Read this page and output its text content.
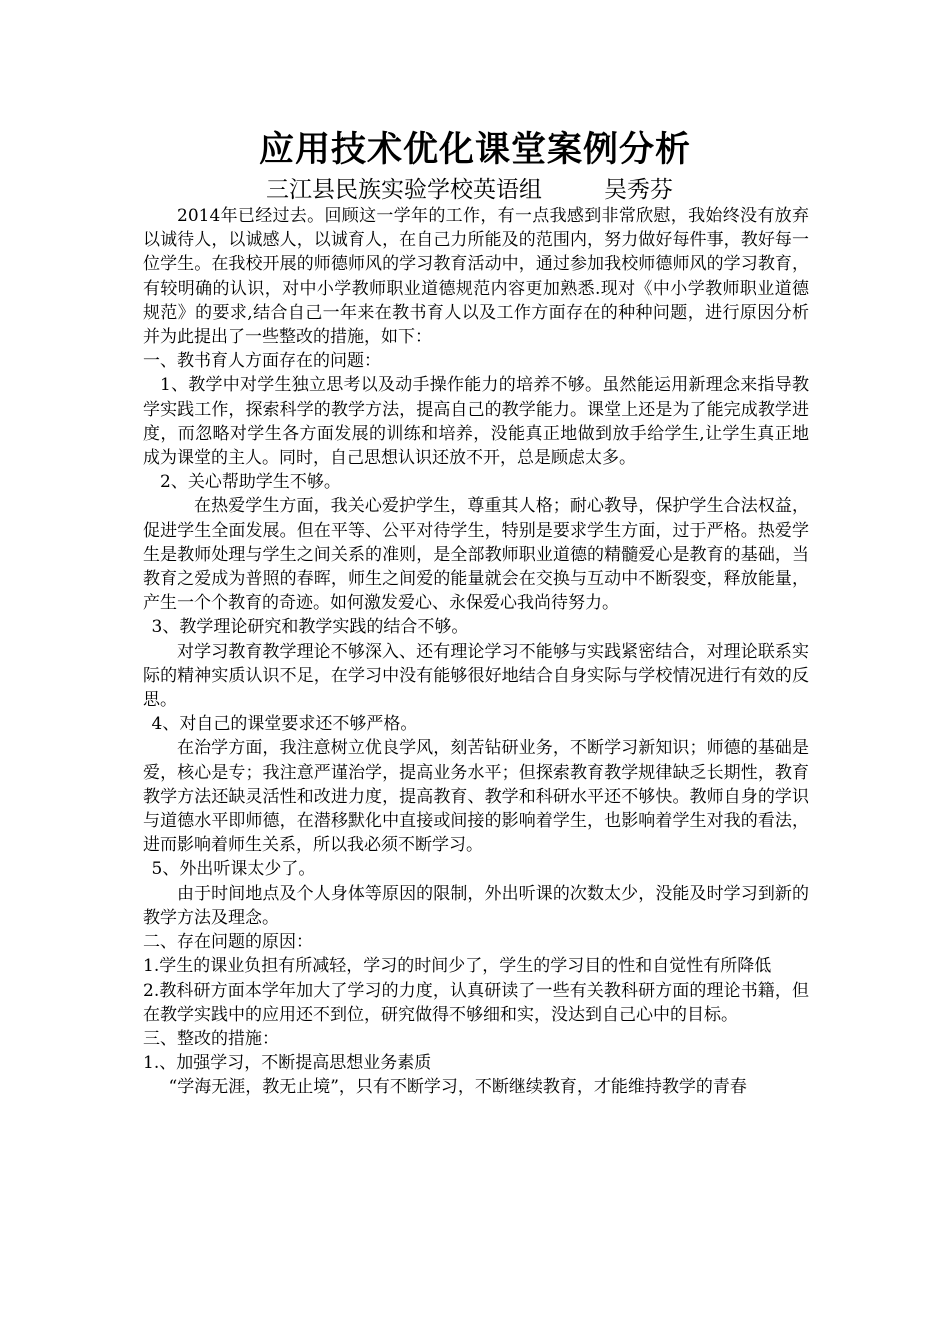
应用技术优化课堂案例分析
三江县民族实验学校英语组	吴秀芬

2014年已经过去。回顾这一学年的工作，有一点我感到非常欣慰，我始终没有放弃以诚待人，以诚感人，以诚育人，在自己力所能及的范围内，努力做好每件事，教好每一位学生。在我校开展的师德师风的学习教育活动中，通过参加我校师德师风的学习教育，有较明确的认识，对中小学教师职业道德规范内容更加熟悉.现对《中小学教师职业道德规范》的要求,结合自己一年来在教书育人以及工作方面存在的种种问题，进行原因分析并为此提出了一些整改的措施，如下：

一、教书育人方面存在的问题：

1、教学中对学生独立思考以及动手操作能力的培养不够。虽然能运用新理念来指导教学实践工作，探索科学的教学方法，提高自己的教学能力。课堂上还是为了能完成教学进度，而忽略对学生各方面发展的训练和培养，没能真正地做到放手给学生,让学生真正地成为课堂的主人。同时，自己思想认识还放不开，总是顾虑太多。

2、关心帮助学生不够。

在热爱学生方面，我关心爱护学生，尊重其人格；耐心教导，保护学生合法权益，促进学生全面发展。但在平等、公平对待学生，特别是要求学生方面，过于严格。热爱学生是教师处理与学生之间关系的准则，是全部教师职业道德的精髓爱心是教育的基础，当教育之爱成为普照的春晖，师生之间爱的能量就会在交换与互动中不断裂变，释放能量，产生一个个教育的奇迹。如何激发爱心、永保爱心我尚待努力。

3、教学理论研究和教学实践的结合不够。

对学习教育教学理论不够深入、还有理论学习不能够与实践紧密结合，对理论联系实际的精神实质认识不足，在学习中没有能够很好地结合自身实际与学校情况进行有效的反思。

4、对自己的课堂要求还不够严格。

在治学方面，我注意树立优良学风，刻苦钻研业务，不断学习新知识；师德的基础是爱，核心是专；我注意严谨治学，提高业务水平；但探索教育教学规律缺乏长期性，教育教学方法还缺灵活性和改进力度，提高教育、教学和科研水平还不够快。教师自身的学识与道德水平即师德，在潜移默化中直接或间接的影响着学生，也影响着学生对我的看法，进而影响着师生关系，所以我必须不断学习。

5、外出听课太少了。

由于时间地点及个人身体等原因的限制，外出听课的次数太少，没能及时学习到新的教学方法及理念。

二、存在问题的原因：

1.学生的课业负担有所减轻，学习的时间少了，学生的学习目的性和自觉性有所降低

2.教科研方面本学年加大了学习的力度，认真研读了一些有关教科研方面的理论书籍，但在教学实践中的应用还不到位，研究做得不够细和实，没达到自己心中的目标。

三、整改的措施：

1.、加强学习，不断提高思想业务素质

“学海无涯，教无止境”，只有不断学习，不断继续教育，才能维持教学的青春
